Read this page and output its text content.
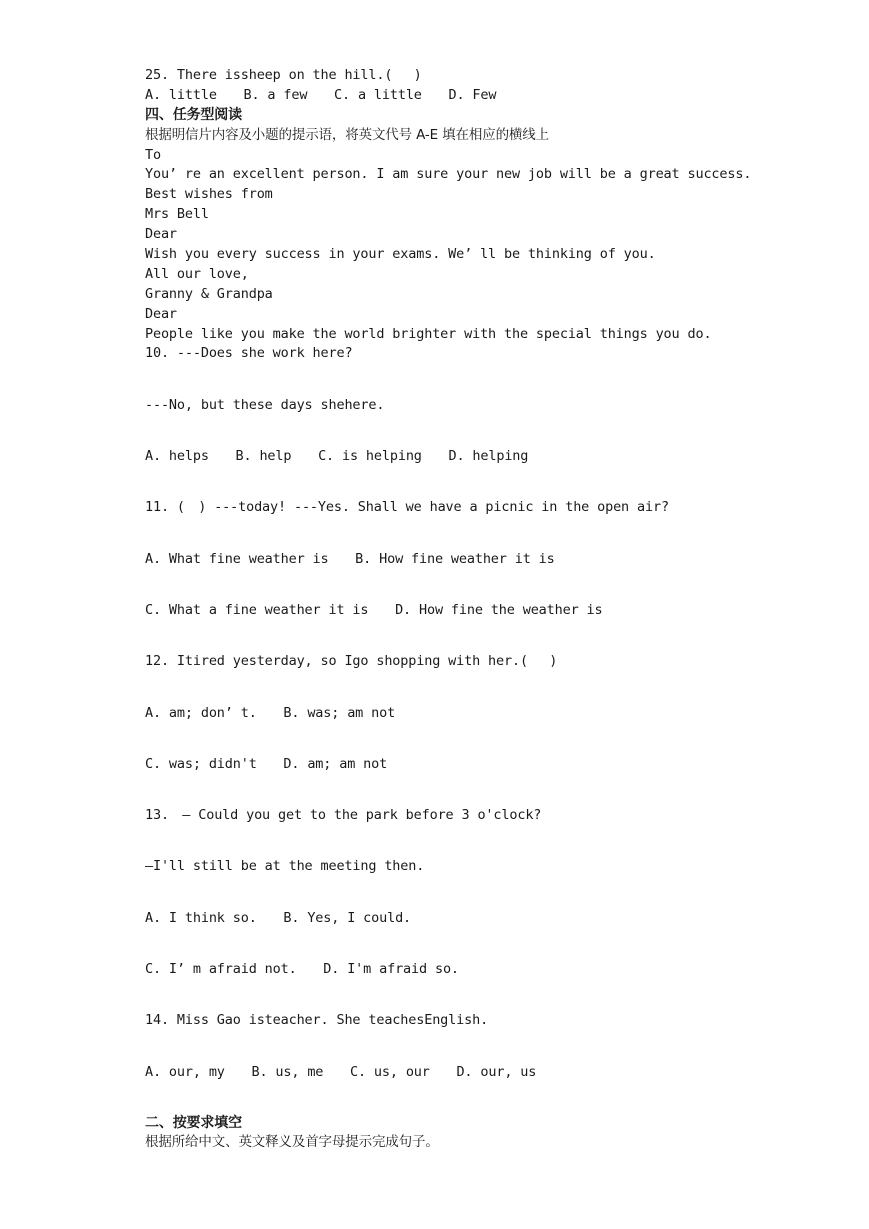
25. There issheep on the hill.(　 )
A. little　　B. a few　　C. a little　　D. Few
四、任务型阅读
根据明信片内容及小题的提示语，将英文代号 A-E 填在相应的横线上
To
You’ re an excellent person. I am sure your new job will be a great success.
Best wishes from
Mrs Bell
Dear
Wish you every success in your exams. We’ ll be thinking of you.
All our love,
Granny & Grandpa
Dear
People like you make the world brighter with the special things you do.
10. ---Does she work here?
---No, but these days shehere.
A. helps　　B. help　　C. is helping　　D. helping
11. (　) ---today! ---Yes. Shall we have a picnic in the open air?
A. What fine weather is　　B. How fine weather it is
C. What a fine weather it is　　D. How fine the weather is
12. Itired yesterday, so Igo shopping with her.(　 )
A. am; don’ t.　　B. was; am not
C. was; didn't　　D. am; am not
13.　— Could you get to the park before 3 o'clock?
—I'll still be at the meeting then.
A. I think so.　　B. Yes, I could.
C. I’ m afraid not.　　D. I'm afraid so.
14. Miss Gao isteacher. She teachesEnglish.
A. our, my　　B. us, me　　C. us, our　　D. our, us
二、按要求填空
根据所给中文、英文释义及首字母提示完成句子。
